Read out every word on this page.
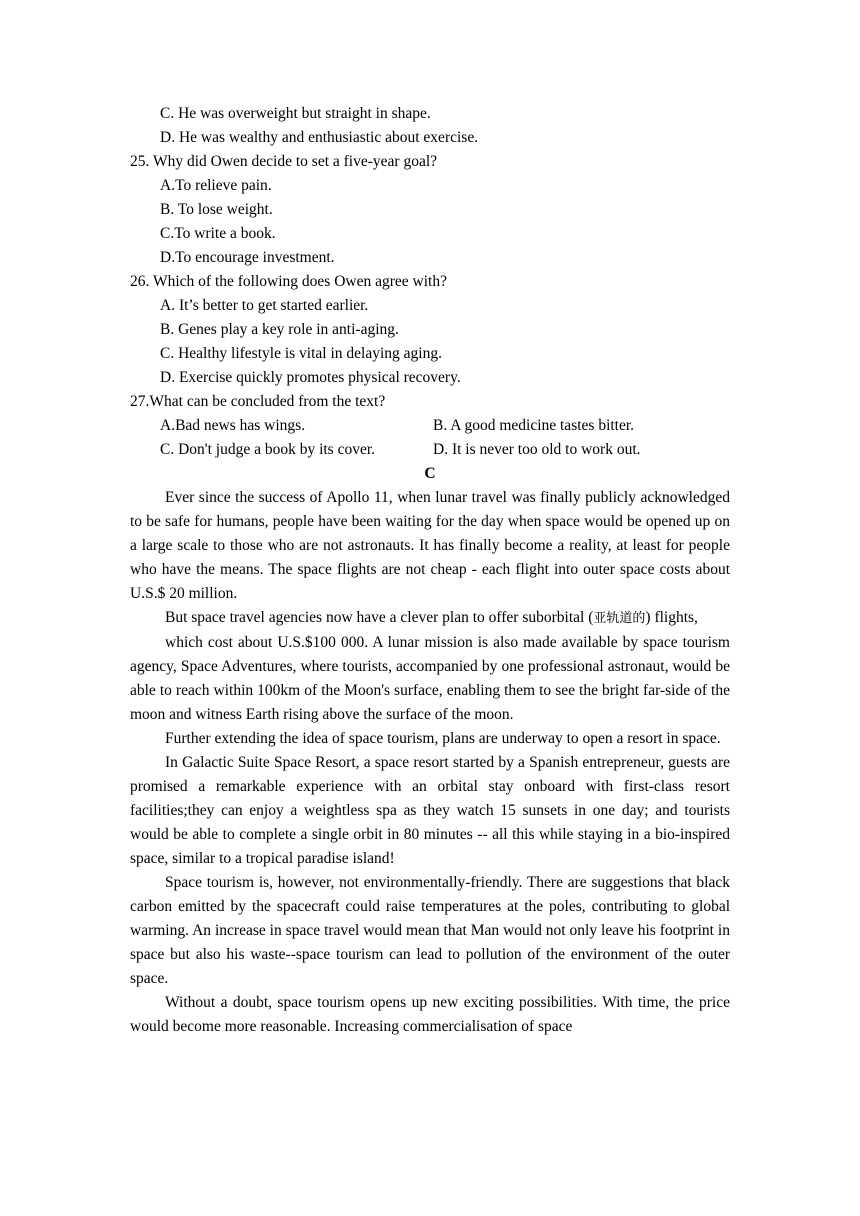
C. He was overweight but straight in shape.
D. He was wealthy and enthusiastic about exercise.
25. Why did Owen decide to set a five-year goal?
A.To relieve pain.
B. To lose weight.
C.To write a book.
D.To encourage investment.
26. Which of the following does Owen agree with?
A. It’s better to get started earlier.
B. Genes play a key role in anti-aging.
C. Healthy lifestyle is vital in delaying aging.
D. Exercise quickly promotes physical recovery.
27.What can be concluded from the text?
A.Bad news has wings.	B. A good medicine tastes bitter.
C. Don't judge a book by its cover.	D. It is never too old to work out.
C

Ever since the success of Apollo 11, when lunar travel was finally publicly acknowledged to be safe for humans, people have been waiting for the day when space would be opened up on a large scale to those who are not astronauts. It has finally become a reality, at least for people who have the means. The space flights are not cheap - each flight into outer space costs about U.S.$ 20 million.

But space travel agencies now have a clever plan to offer suborbital (亚轨道的) flights,

which cost about U.S.$100 000. A lunar mission is also made available by space tourism agency, Space Adventures, where tourists, accompanied by one professional astronaut, would be able to reach within 100km of the Moon's surface, enabling them to see the bright far-side of the moon and witness Earth rising above the surface of the moon.

Further extending the idea of space tourism, plans are underway to open a resort in space.

In Galactic Suite Space Resort, a space resort started by a Spanish entrepreneur, guests are promised a remarkable experience with an orbital stay onboard with first-class resort facilities;they can enjoy a weightless spa as they watch 15 sunsets in one day; and tourists would be able to complete a single orbit in 80 minutes -- all this while staying in a bio-inspired space, similar to a tropical paradise island!

Space tourism is, however, not environmentally-friendly. There are suggestions that black carbon emitted by the spacecraft could raise temperatures at the poles, contributing to global warming. An increase in space travel would mean that Man would not only leave his footprint in space but also his waste--space tourism can lead to pollution of the environment of the outer space.

Without a doubt, space tourism opens up new exciting possibilities. With time, the price would become more reasonable. Increasing commercialisation of space
